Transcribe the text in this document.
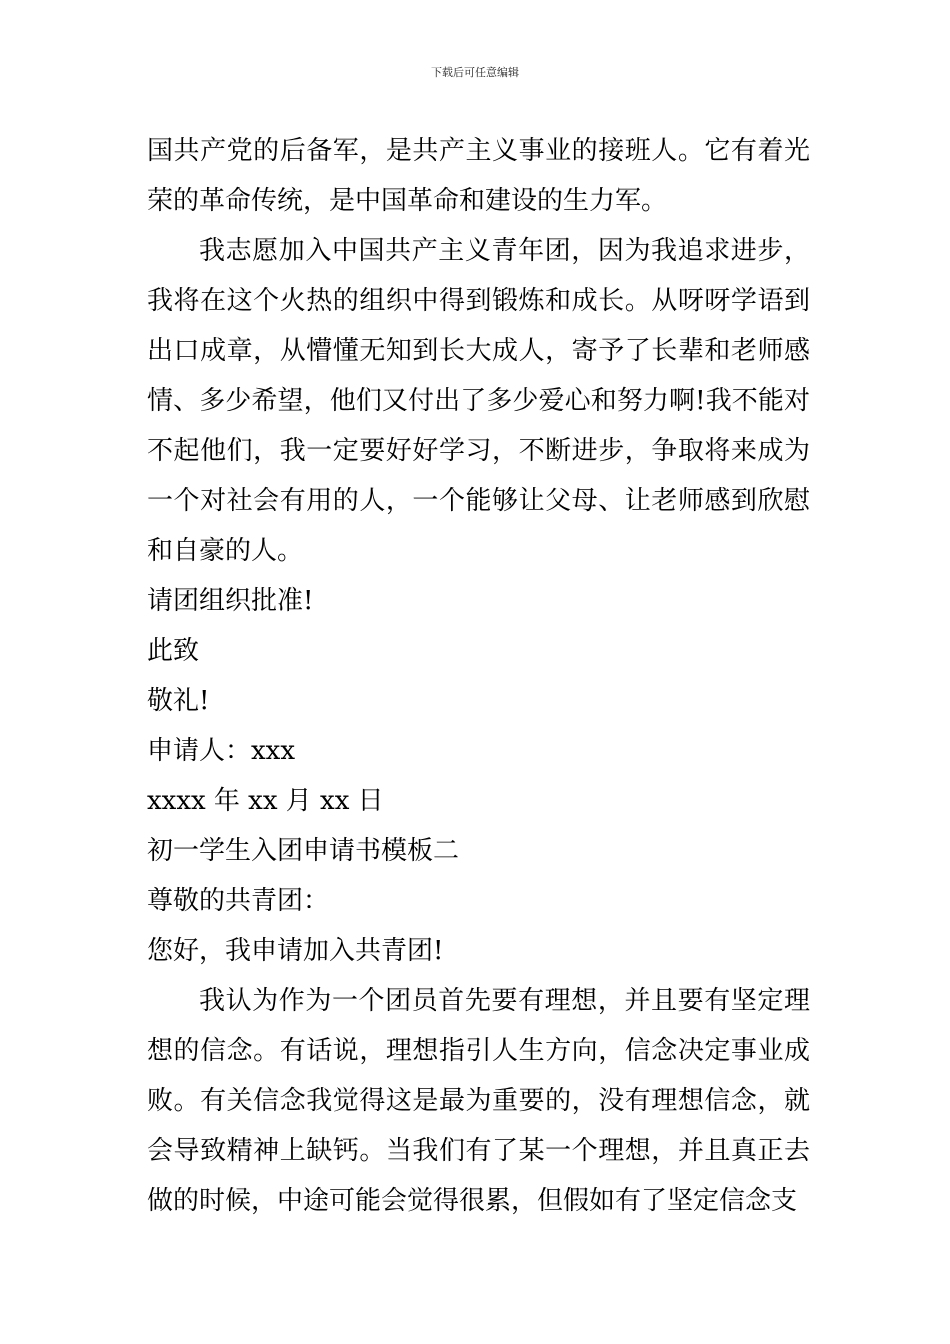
下载后可任意编辑

国共产党的后备军，是共产主义事业的接班人。它有着光荣的革命传统，是中国革命和建设的生力军。

我志愿加入中国共产主义青年团，因为我追求进步，我将在这个火热的组织中得到锻炼和成长。从呀呀学语到出口成章，从懵懂无知到长大成人，寄予了长辈和老师感情、多少希望，他们又付出了多少爱心和努力啊!我不能对不起他们，我一定要好好学习，不断进步，争取将来成为一个对社会有用的人，一个能够让父母、让老师感到欣慰和自豪的人。

请团组织批准!

此致

敬礼!

申请人：xxx

xxxx 年 xx 月 xx 日

初一学生入团申请书模板二

尊敬的共青团：

您好，我申请加入共青团!

我认为作为一个团员首先要有理想，并且要有坚定理想的信念。有话说，理想指引人生方向，信念决定事业成败。有关信念我觉得这是最为重要的，没有理想信念，就会导致精神上缺钙。当我们有了某一个理想，并且真正去做的时候，中途可能会觉得很累，但假如有了坚定信念支
